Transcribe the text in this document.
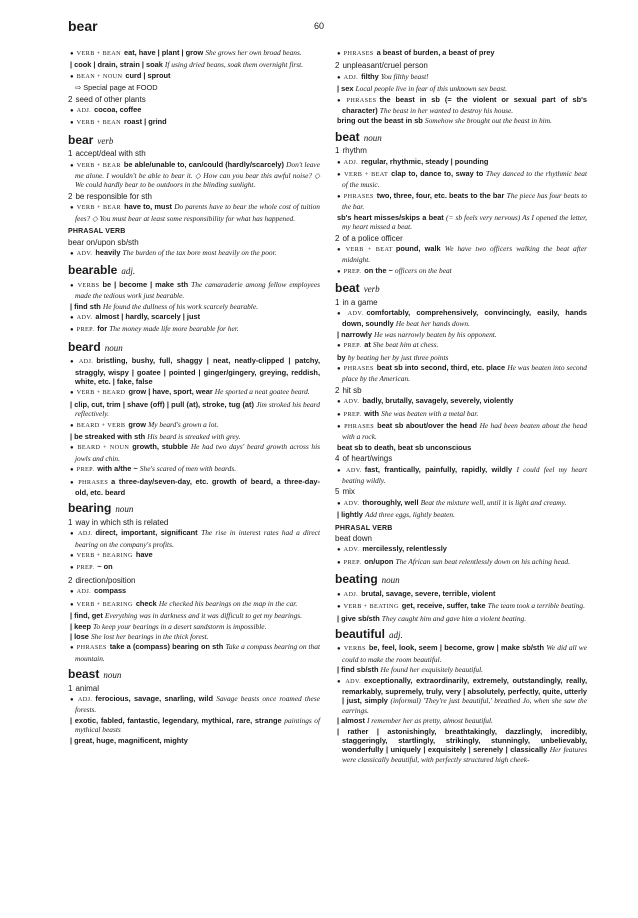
bear	60
● VERB + BEAN eat, have | plant | grow She grows her own broad beans.
| cook | drain, strain | soak If using dried beans, soak them overnight first.
● BEAN + NOUN curd | sprout
⇨ Special page at FOOD
2 seed of other plants
● ADJ. cocoa, coffee
● VERB + BEAN roast | grind
bear verb
1 accept/deal with sth
● VERB + BEAR be able/unable to, can/could (hardly/scarcely) Don't leave me alone. I wouldn't be able to bear it. ◇ How can you bear this awful noise? ◇ We could hardly bear to be outdoors in the blinding sunlight.
2 be responsible for sth
● VERB + BEAR have to, must Do parents have to bear the whole cost of tuition fees? ◇ You must bear at least some responsibility for what has happened.
PHRASAL VERB
bear on/upon sb/sth
● ADV. heavily The burden of the tax bore most heavily on the poor.
bearable adj.
● VERBS be | become | make sth The camaraderie among fellow employees made the tedious work just bearable.
| find sth He found the dullness of his work scarcely bearable.
● ADV. almost | hardly, scarcely | just
● PREP. for The money made life more bearable for her.
beard noun
● ADJ. bristling, bushy, full, shaggy | neat, neatly-clipped | patchy, straggly, wispy | goatee | pointed | ginger/gingery, greying, reddish, white, etc. | fake, false
● VERB + BEARD grow | have, sport, wear He sported a neat goatee beard.
| clip, cut, trim | shave (off) | pull (at), stroke, tug (at) Jim stroked his beard reflectively.
● BEARD + VERB grow My beard's grown a lot.
| be streaked with sth His beard is streaked with grey.
● BEARD + NOUN growth, stubble He had two days' beard growth across his jowls and chin.
● PREP. with a/the ~ She's scared of men with beards.
● PHRASES a three-day/seven-day, etc. growth of beard, a three-day-old, etc. beard
bearing noun
1 way in which sth is related
● ADJ. direct, important, significant The rise in interest rates had a direct bearing on the company's profits.
● VERB + BEARING have
● PREP. ~ on
2 direction/position
● ADJ. compass
● VERB + BEARING check He checked his bearings on the map in the car.
| find, get Everything was in darkness and it was difficult to get my bearings.
| keep To keep your bearings in a desert sandstorm is impossible.
| lose She lost her bearings in the thick forest.
● PHRASES take a (compass) bearing on sth Take a compass bearing on that mountain.
beast noun
1 animal
● ADJ. ferocious, savage, snarling, wild Savage beasts once roamed these forests.
| exotic, fabled, fantastic, legendary, mythical, rare, strange paintings of mythical beasts
| great, huge, magnificent, mighty
● PHRASES a beast of burden, a beast of prey
2 unpleasant/cruel person
● ADJ. filthy You filthy beast!
| sex Local people live in fear of this unknown sex beast.
● PHRASES the beast in sb (= the violent or sexual part of sb's character) The beast in her wanted to destroy his house.
bring out the beast in sb Somehow she brought out the beast in him.
beat noun
1 rhythm
● ADJ. regular, rhythmic, steady | pounding
● VERB + BEAT clap to, dance to, sway to They danced to the rhythmic beat of the music.
● PHRASES two, three, four, etc. beats to the bar The piece has four beats to the bar.
sb's heart misses/skips a beat (= sb feels very nervous) As I opened the letter, my heart missed a beat.
2 of a police officer
● VERB + BEAT pound, walk We have two officers walking the beat after midnight.
● PREP. on the ~ officers on the beat
beat verb
1 in a game
● ADV. comfortably, comprehensively, convincingly, easily, hands down, soundly He beat her hands down.
| narrowly He was narrowly beaten by his opponent.
● PREP. at She beat him at chess.
by by beating her by just three points
● PHRASES beat sb into second, third, etc. place He was beaten into second place by the American.
2 hit sb
● ADV. badly, brutally, savagely, severely, violently
● PREP. with She was beaten with a metal bar.
● PHRASES beat sb about/over the head He had been beaten about the head with a rock.
beat sb to death, beat sb unconscious
4 of heart/wings
● ADV. fast, frantically, painfully, rapidly, wildly I could feel my heart beating wildly.
5 mix
● ADV. thoroughly, well Beat the mixture well, until it is light and creamy.
| lightly Add three eggs, lightly beaten.
PHRASAL VERB
beat down
● ADV. mercilessly, relentlessly
● PREP. on/upon The African sun beat relentlessly down on his aching head.
beating noun
● ADJ. brutal, savage, severe, terrible, violent
● VERB + BEATING get, receive, suffer, take The team took a terrible beating.
| give sb/sth They caught him and gave him a violent beating.
beautiful adj.
● VERBS be, feel, look, seem | become, grow | make sb/sth We did all we could to make the room beautiful.
| find sb/sth He found her exquisitely beautiful.
● ADV. exceptionally, extraordinarily, extremely, outstandingly, really, remarkably, supremely, truly, very | absolutely, perfectly, quite, utterly | just, simply (informal) 'They're just beautiful,' breathed Jo, when she saw the earrings.
| almost I remember her as pretty, almost beautiful.
| rather | astonishingly, breathtakingly, dazzlingly, incredibly, staggeringly, startlingly, strikingly, stunningly, unbelievably, wonderfully | uniquely | exquisitely | serenely | classically Her features were classically beautiful, with perfectly structured high cheek-
